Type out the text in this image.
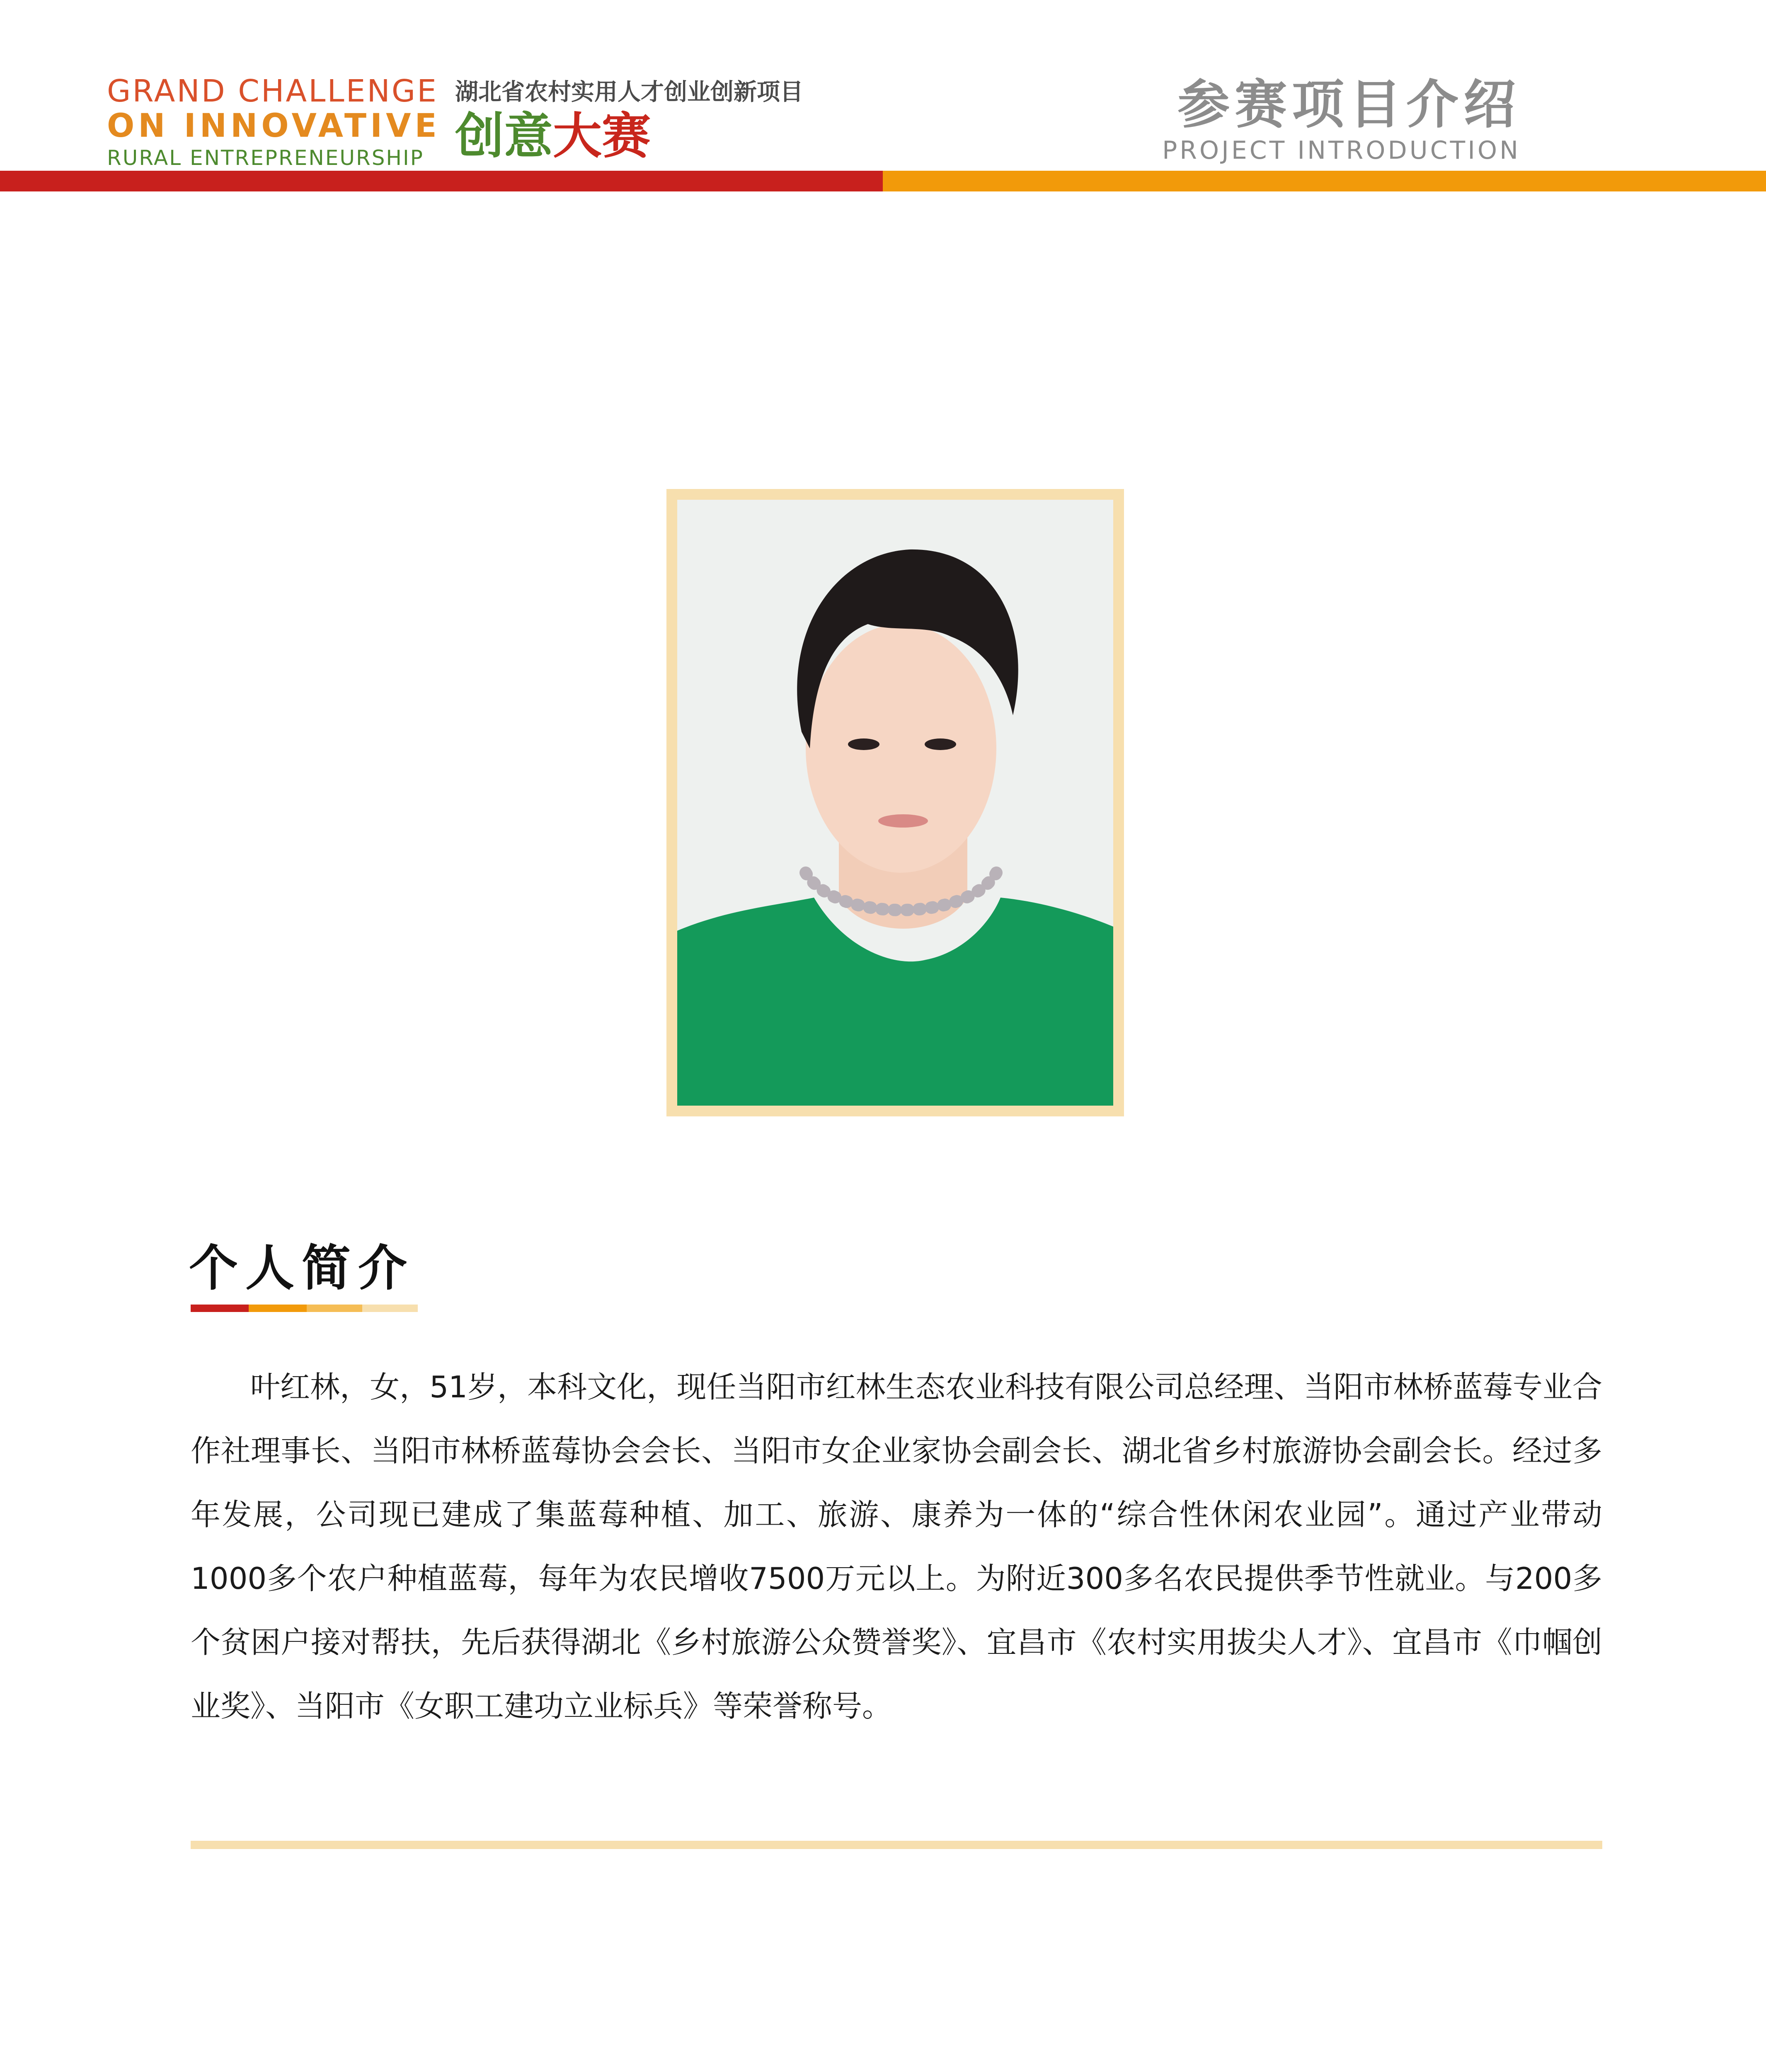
GRAND CHALLENGE
ON INNOVATIVE
RURAL ENTREPRENEURSHIP
湖北省农村实用人才创业创新项目
创意大赛
参赛项目介绍
PROJECT INTRODUCTION
个人简介
叶红林，女，51岁，本科文化，现任当阳市红林生态农业科技有限公司总经理、当阳市林桥蓝莓专业合作社理事长、当阳市林桥蓝莓协会会长、当阳市女企业家协会副会长、湖北省乡村旅游协会副会长。经过多年发展，公司现已建成了集蓝莓种植、加工、旅游、康养为一体的“综合性休闲农业园”。通过产业带动1000多个农户种植蓝莓，每年为农民增收7500万元以上。为附近300多名农民提供季节性就业。与200多个贫困户接对帮扶，先后获得湖北《乡村旅游公众赞誉奖》、宜昌市《农村实用拔尖人才》、宜昌市《巾帼创业奖》、当阳市《女职工建功立业标兵》等荣誉称号。
